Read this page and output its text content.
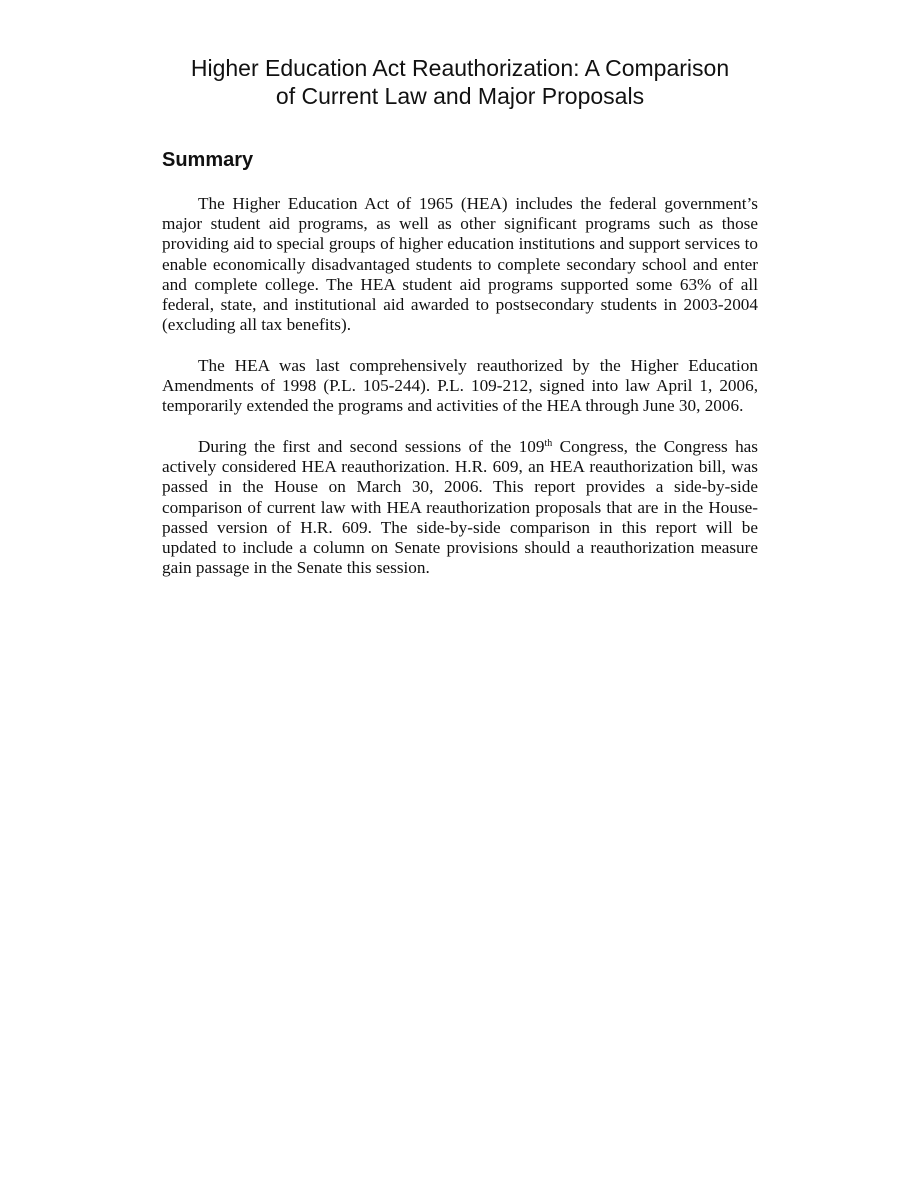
Higher Education Act Reauthorization: A Comparison
of Current Law and Major Proposals
Summary

The Higher Education Act of 1965 (HEA) includes the federal government’s major student aid programs, as well as other significant programs such as those providing aid to special groups of higher education institutions and support services to enable economically disadvantaged students to complete secondary school and enter and complete college. The HEA student aid programs supported some 63% of all federal, state, and institutional aid awarded to postsecondary students in 2003-2004 (excluding all tax benefits).

The HEA was last comprehensively reauthorized by the Higher Education Amendments of 1998 (P.L. 105-244). P.L. 109-212, signed into law April 1, 2006, temporarily extended the programs and activities of the HEA through June 30, 2006.

During the first and second sessions of the 109th Congress, the Congress has actively considered HEA reauthorization. H.R. 609, an HEA reauthorization bill, was passed in the House on March 30, 2006. This report provides a side-by-side comparison of current law with HEA reauthorization proposals that are in the House-passed version of H.R. 609. The side-by-side comparison in this report will be updated to include a column on Senate provisions should a reauthorization measure gain passage in the Senate this session.
